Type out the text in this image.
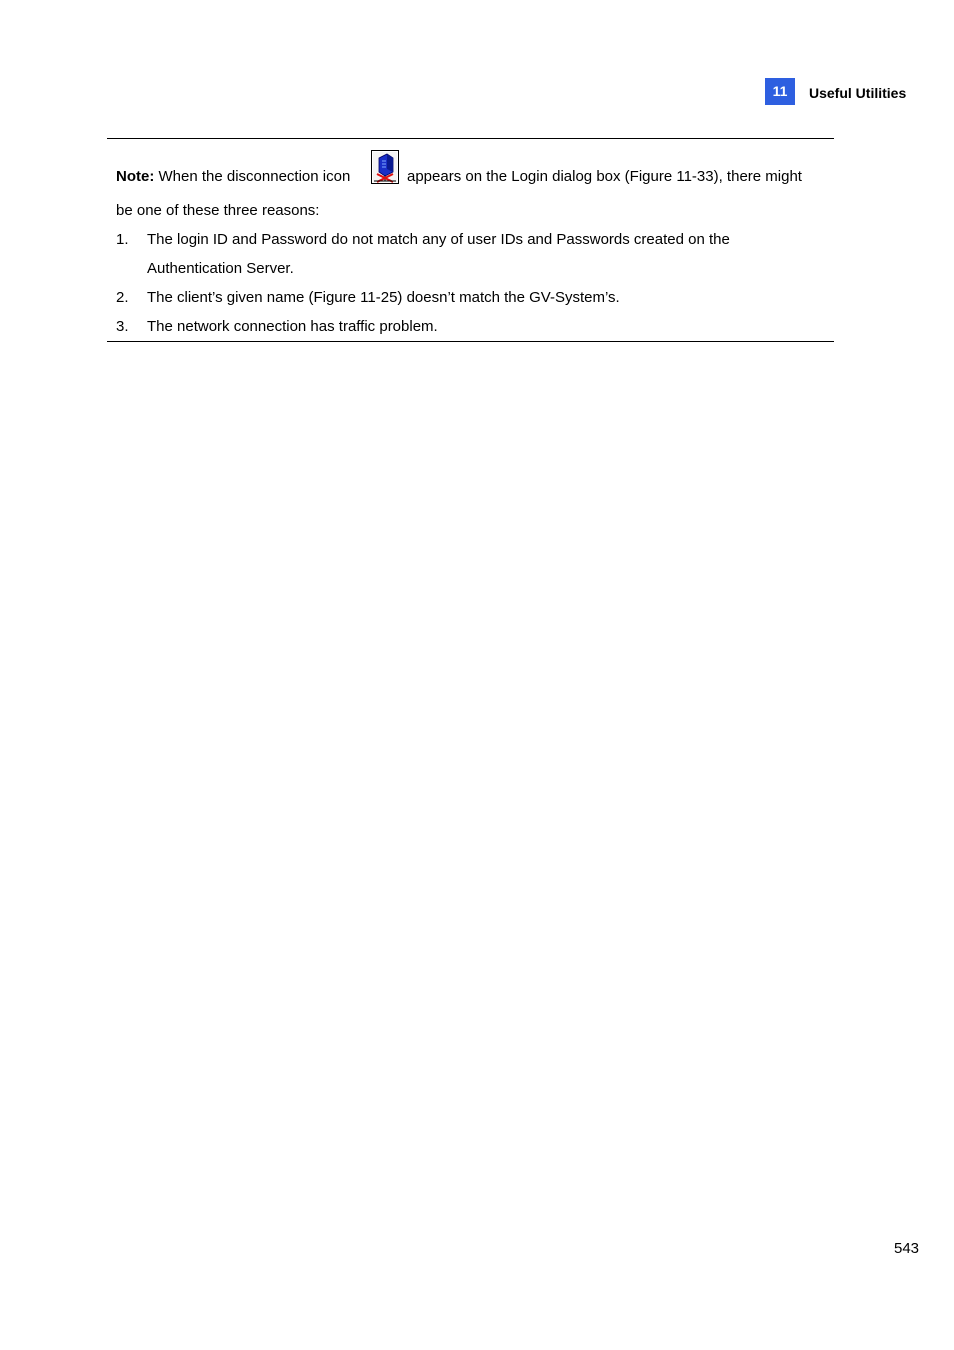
11	Useful Utilities
Note: When the disconnection icon	appears on the Login dialog box (Figure 11-33), there might
be one of these three reasons:
1. The login ID and Password do not match any of user IDs and Passwords created on the
Authentication Server.
2. The client’s given name (Figure 11-25) doesn’t match the GV-System’s.
3. The network connection has traffic problem.
543
